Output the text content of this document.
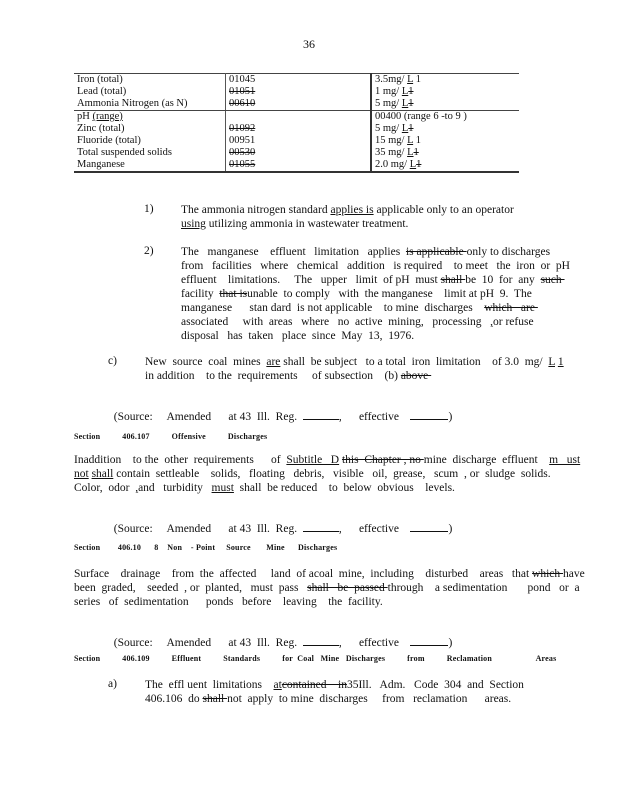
36
Iron (total)	01045	3.5mg/ L 1
Lead (total)	01051	1 mg/ L1
Ammonia Nitrogen (as N)	00610	5 mg/ L1
pH (range)		00400 (range 6 -to 9 )
Zinc (total)	01092	5 mg/ L1
Fluoride (total)	00951	15 mg/ L 1
Total suspended solids	00530	35 mg/ L1
Manganese	01055	2.0 mg/ L1
1) The ammonia nitrogen standard applies is applicable only to an operator using utilizing ammonia in wastewater treatment.
2) The   manganese    effluent   limitation   applies  is applicable only to discharges
from   facilities   where   chemical   addition   is required    to meet   the  iron  or  pH
effluent    limitations.     The   upper   limit  of pH  must shall be  10  for  any  such
facility  that isunable  to comply   with  the manganese    limit at pH  9.  The
manganese      stan dard  is not applicable    to mine  discharges    which   are
associated     with  areas   where   no  active  mining,   processing   ,or refuse
disposal   has  taken   place  since  May  13,  1976.
c) New  source  coal  mines  are shall  be subject   to a total  iron  limitation    of 3.0  mg/  L 1
in addition    to the  requirements     of subsection    (b) above

(Source:     Amended      at 43  Ill.  Reg.	,      effective	)

Section          406.107          Offensive          Discharges
Inaddition    to the  other  requirements      of  Subtitle   D this  Chapter , no mine  discharge  effluent    m   ust
not shall contain  settleable    solids,   floating   debris,   visible   oil,  grease,   scum  , or  sludge  solids.
Color,  odor  ,and   turbidity   must  shall  be reduced    to  below  obvious    levels.

(Source:     Amended      at 43  Ill.  Reg.	,      effective	)

Section        406.10      8    Non    - Point     Source       Mine      Discharges
Surface    drainage    from  the  affected     land  of acoal  mine,  including    disturbed    areas   that which have
been  graded,    seeded  , or  planted,   must  pass   shall   be  passed through    a sedimentation       pond   or  a
series   of  sedimentation      ponds   before    leaving    the  facility.

(Source:     Amended      at 43  Ill.  Reg.	,      effective	)

Section          406.109          Effluent          Standards          for  Coal   Mine   Discharges          from          Reclamation                    Areas
a) The  effl uent  limitations    atcontained    in35Ill.   Adm.   Code  304  and  Section
406.106  do shall not  apply  to mine  discharges     from   reclamation      areas.
